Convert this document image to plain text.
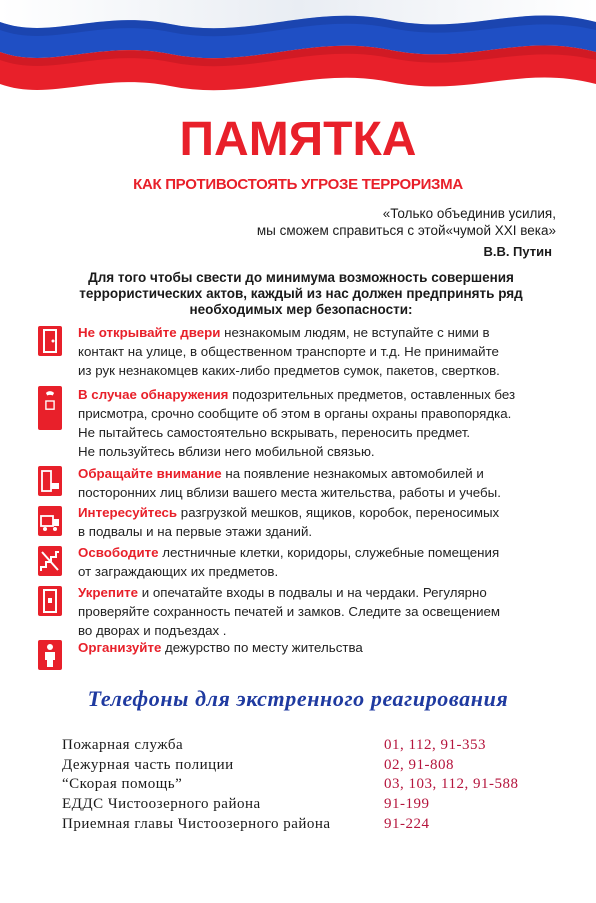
ПАМЯТКА
КАК ПРОТИВОСТОЯТЬ УГРОЗЕ ТЕРРОРИЗМА
«Только объединив усилия,
мы сможем справиться с этой«чумой XXI века»
В.В. Путин
Для того чтобы свести до минимума возможность совершения
террористических актов, каждый из нас должен предпринять ряд
необходимых мер безопасности:
Не открывайте двери незнакомым людям, не вступайте с ними в
контакт на улице, в общественном транспорте и т.д. Не принимайте
из рук незнакомцев каких-либо предметов сумок, пакетов, свертков.
В случае обнаружения подозрительных предметов, оставленных без
присмотра, срочно сообщите об этом в органы охраны правопорядка.
Не пытайтесь самостоятельно вскрывать, переносить предмет.
Не пользуйтесь вблизи него мобильной связью.
Обращайте внимание на появление незнакомых автомобилей и
посторонних лиц вблизи вашего места жительства, работы и учебы.
Интересуйтесь разгрузкой мешков, ящиков, коробок, переносимых
в подвалы и на первые этажи зданий.
Освободите лестничные клетки, коридоры, служебные помещения
от заграждающих их предметов.
Укрепите и опечатайте входы в подвалы и на чердаки. Регулярно
проверяйте сохранность печатей и замков. Следите за освещением
во дворах и подъездах .
Организуйте дежурство по месту жительства
Телефоны для экстренного реагирования
Пожарная служба	01, 112, 91-353
Дежурная часть полиции	02, 91-808
“Скорая помощь”	03, 103, 112, 91-588
ЕДДС Чистоозерного района	91-199
Приемная главы Чистоозерного района	91-224
